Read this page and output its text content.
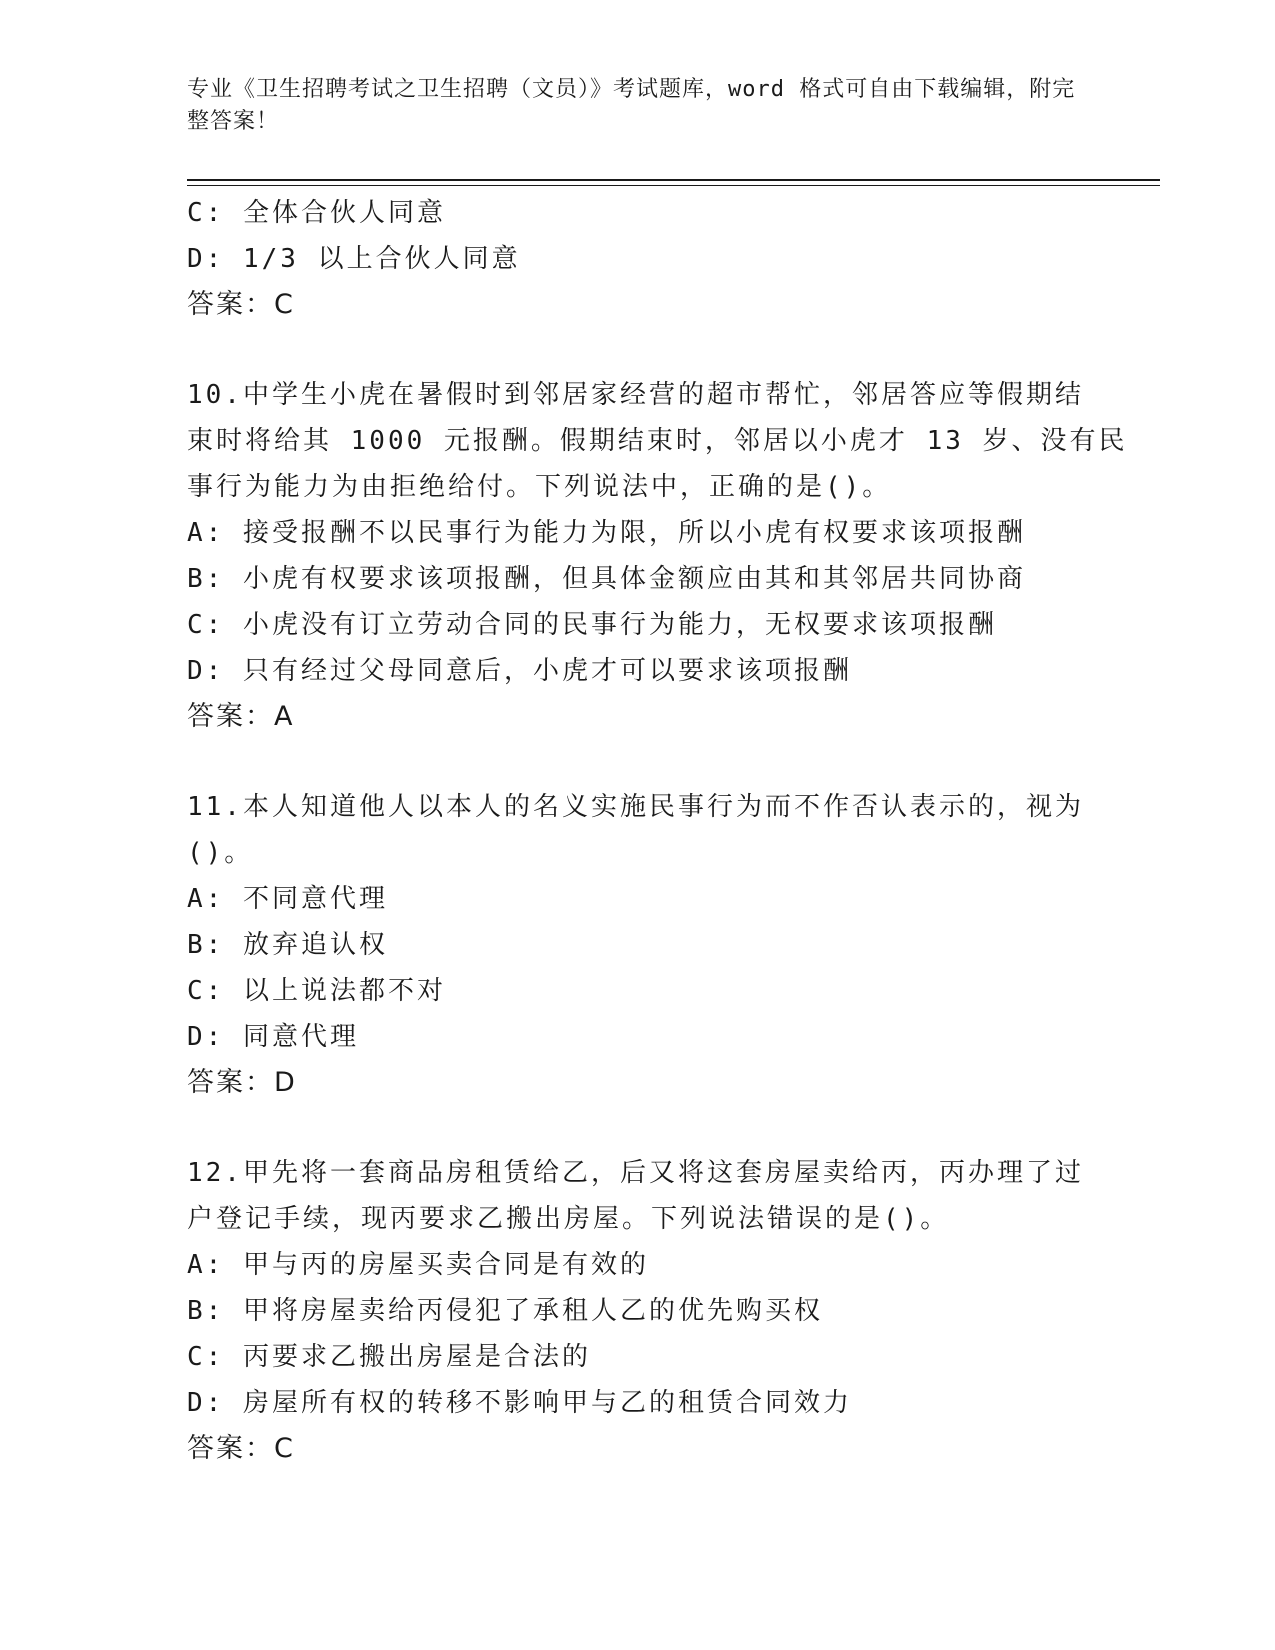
专业《卫生招聘考试之卫生招聘（文员）》考试题库，word 格式可自由下载编辑，附完整答案！
C: 全体合伙人同意
D: 1/3 以上合伙人同意
答案：C
10.中学生小虎在暑假时到邻居家经营的超市帮忙，邻居答应等假期结
束时将给其 1000 元报酬。假期结束时，邻居以小虎才 13 岁、没有民
事行为能力为由拒绝给付。下列说法中，正确的是()。
A: 接受报酬不以民事行为能力为限，所以小虎有权要求该项报酬
B: 小虎有权要求该项报酬，但具体金额应由其和其邻居共同协商
C: 小虎没有订立劳动合同的民事行为能力，无权要求该项报酬
D: 只有经过父母同意后，小虎才可以要求该项报酬
答案：A
11.本人知道他人以本人的名义实施民事行为而不作否认表示的，视为
()。
A: 不同意代理
B: 放弃追认权
C: 以上说法都不对
D: 同意代理
答案：D
12.甲先将一套商品房租赁给乙，后又将这套房屋卖给丙，丙办理了过
户登记手续，现丙要求乙搬出房屋。下列说法错误的是()。
A: 甲与丙的房屋买卖合同是有效的
B: 甲将房屋卖给丙侵犯了承租人乙的优先购买权
C: 丙要求乙搬出房屋是合法的
D: 房屋所有权的转移不影响甲与乙的租赁合同效力
答案：C
